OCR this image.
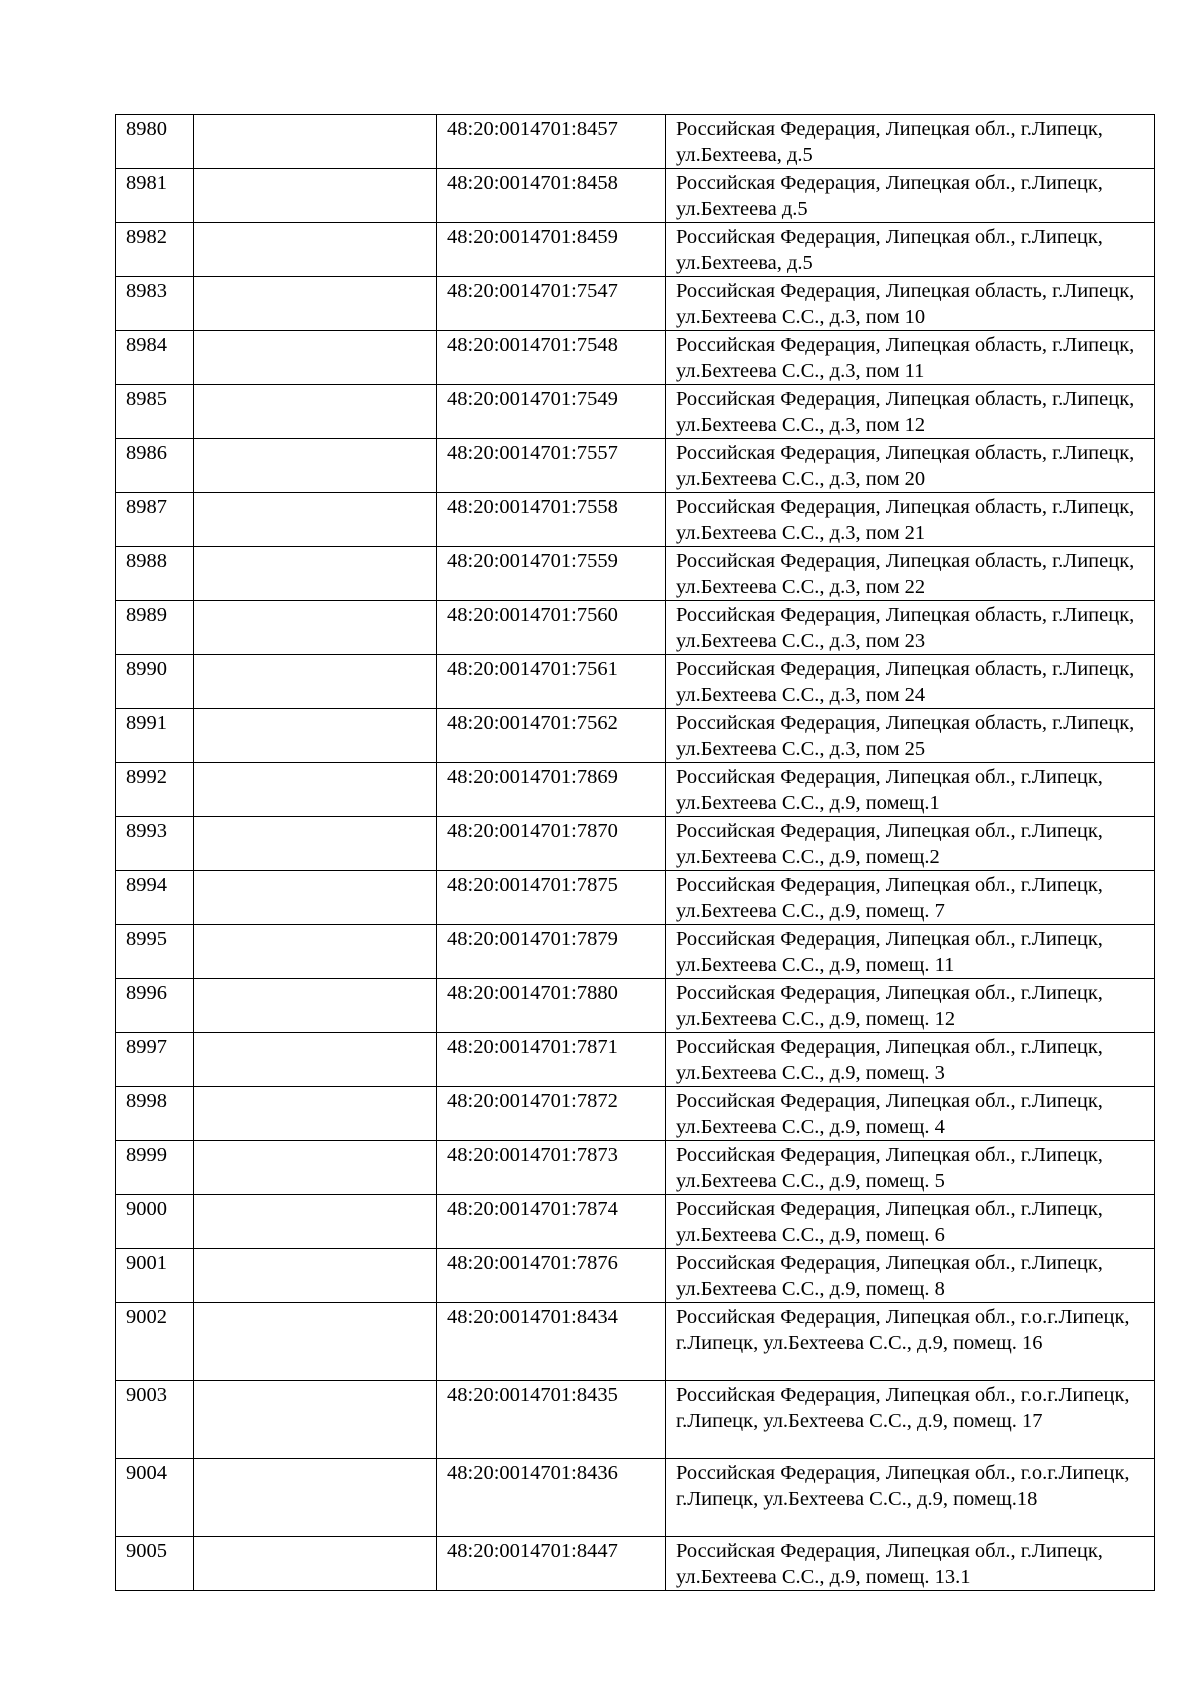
8980		48:20:0014701:8457	Российская Федерация, Липецкая обл., г.Липецк, ул.Бехтеева, д.5
8981		48:20:0014701:8458	Российская Федерация, Липецкая обл., г.Липецк, ул.Бехтеева д.5
8982		48:20:0014701:8459	Российская Федерация, Липецкая обл., г.Липецк, ул.Бехтеева, д.5
8983		48:20:0014701:7547	Российская Федерация, Липецкая область, г.Липецк, ул.Бехтеева С.С., д.3, пом 10
8984		48:20:0014701:7548	Российская Федерация, Липецкая область, г.Липецк, ул.Бехтеева С.С., д.3, пом 11
8985		48:20:0014701:7549	Российская Федерация, Липецкая область, г.Липецк, ул.Бехтеева С.С., д.3, пом 12
8986		48:20:0014701:7557	Российская Федерация, Липецкая область, г.Липецк, ул.Бехтеева С.С., д.3, пом 20
8987		48:20:0014701:7558	Российская Федерация, Липецкая область, г.Липецк, ул.Бехтеева С.С., д.3, пом 21
8988		48:20:0014701:7559	Российская Федерация, Липецкая область, г.Липецк, ул.Бехтеева С.С., д.3, пом 22
8989		48:20:0014701:7560	Российская Федерация, Липецкая область, г.Липецк, ул.Бехтеева С.С., д.3, пом 23
8990		48:20:0014701:7561	Российская Федерация, Липецкая область, г.Липецк, ул.Бехтеева С.С., д.3, пом 24
8991		48:20:0014701:7562	Российская Федерация, Липецкая область, г.Липецк, ул.Бехтеева С.С., д.3, пом 25
8992		48:20:0014701:7869	Российская Федерация, Липецкая обл., г.Липецк, ул.Бехтеева С.С., д.9, помещ.1
8993		48:20:0014701:7870	Российская Федерация, Липецкая обл., г.Липецк, ул.Бехтеева С.С., д.9, помещ.2
8994		48:20:0014701:7875	Российская Федерация, Липецкая обл., г.Липецк, ул.Бехтеева С.С., д.9, помещ. 7
8995		48:20:0014701:7879	Российская Федерация, Липецкая обл., г.Липецк, ул.Бехтеева С.С., д.9, помещ. 11
8996		48:20:0014701:7880	Российская Федерация, Липецкая обл., г.Липецк, ул.Бехтеева С.С., д.9, помещ. 12
8997		48:20:0014701:7871	Российская Федерация, Липецкая обл., г.Липецк, ул.Бехтеева С.С., д.9, помещ. 3
8998		48:20:0014701:7872	Российская Федерация, Липецкая обл., г.Липецк, ул.Бехтеева С.С., д.9, помещ. 4
8999		48:20:0014701:7873	Российская Федерация, Липецкая обл., г.Липецк, ул.Бехтеева С.С., д.9, помещ. 5
9000		48:20:0014701:7874	Российская Федерация, Липецкая обл., г.Липецк, ул.Бехтеева С.С., д.9, помещ. 6
9001		48:20:0014701:7876	Российская Федерация, Липецкая обл., г.Липецк, ул.Бехтеева С.С., д.9, помещ. 8
9002		48:20:0014701:8434	Российская Федерация, Липецкая обл., г.о.г.Липецк, г.Липецк, ул.Бехтеева С.С., д.9, помещ. 16
9003		48:20:0014701:8435	Российская Федерация, Липецкая обл., г.о.г.Липецк, г.Липецк, ул.Бехтеева С.С., д.9, помещ. 17
9004		48:20:0014701:8436	Российская Федерация, Липецкая обл., г.о.г.Липецк, г.Липецк, ул.Бехтеева С.С., д.9, помещ.18
9005		48:20:0014701:8447	Российская Федерация, Липецкая обл., г.Липецк, ул.Бехтеева С.С., д.9, помещ. 13.1
